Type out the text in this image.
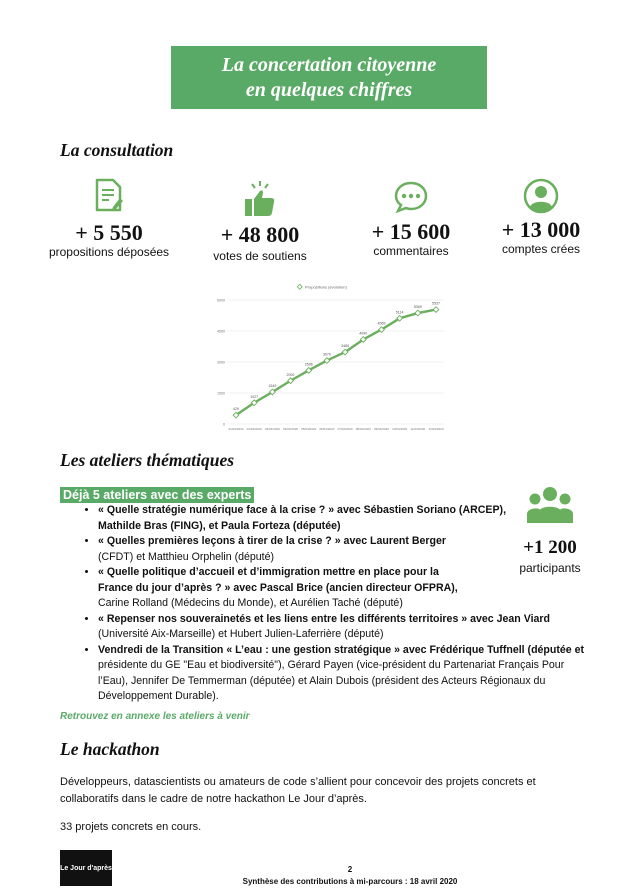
La concertation citoyenne
en quelques chiffres
La consultation
+ 5 550
propositions déposées
+ 48 800
votes de soutiens
+ 15 600
commentaires
+ 13 000
comptes crées
0
1500
3000
4500
6000
01/04/2020 02/04/2020 03/04/2020 04/04/2020 05/04/2020 06/04/2020 07/04/2020 08/04/2020 09/04/2020 10/04/2020 11/04/2020 12/04/2020
Propositions (évolution)
429
1027
1549
2092
2596
3070
3480
4090
4569
5114
5369
5537
Les ateliers thématiques
Déjà 5 ateliers avec des experts
• « Quelle stratégie numérique face à la crise ? » avec Sébastien Soriano (ARCEP),
Mathilde Bras (FING), et Paula Forteza (députée)
• « Quelles premières leçons à tirer de la crise ? » avec Laurent Berger
(CFDT) et Matthieu Orphelin (député)
• « Quelle politique d’accueil et d’immigration mettre en place pour la
France du jour d’après ? » avec Pascal Brice (ancien directeur OFPRA),
Carine Rolland (Médecins du Monde), et Aurélien Taché (député)
• « Repenser nos souverainetés et les liens entre les différents territoires » avec Jean Viard
(Université Aix-Marseille) et Hubert Julien-Laferrière (député)
• Vendredi de la Transition « L’eau : une gestion stratégique » avec Frédérique Tuffnell (députée et
présidente du GE "Eau et biodiversité"), Gérard Payen (vice-président du Partenariat Français Pour
l’Eau), Jennifer De Temmerman (députée) et Alain Dubois (président des Acteurs Régionaux du
Développement Durable).
+1 200
participants
Retrouvez en annexe les ateliers à venir
Le hackathon
Développeurs, datascientists ou amateurs de code s’allient pour concevoir des projets concrets et collaboratifs dans le cadre de notre hackathon Le Jour d’après.
33 projets concrets en cours.
Le Jour d'après	2
Synthèse des contributions à mi-parcours : 18 avril 2020
